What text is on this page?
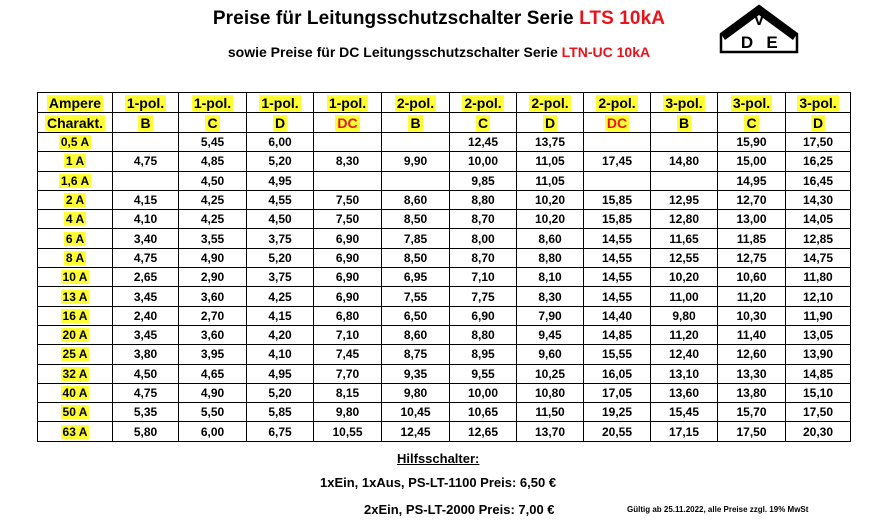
Preise für Leitungsschutzschalter Serie LTS 10kA
sowie Preise für DC Leitungsschutzschalter Serie LTN-UC 10kA
V
D E
Ampere	1-pol.	1-pol.	1-pol.	1-pol.	2-pol.	2-pol.	2-pol.	2-pol.	3-pol.	3-pol.	3-pol.
Charakt.	B	C	D	DC	B	C	D	DC	B	C	D
0,5 A		5,45	6,00			12,45	13,75			15,90	17,50
1 A	4,75	4,85	5,20	8,30	9,90	10,00	11,05	17,45	14,80	15,00	16,25
1,6 A		4,50	4,95			9,85	11,05			14,95	16,45
2 A	4,15	4,25	4,55	7,50	8,60	8,80	10,20	15,85	12,95	12,70	14,30
4 A	4,10	4,25	4,50	7,50	8,50	8,70	10,20	15,85	12,80	13,00	14,05
6 A	3,40	3,55	3,75	6,90	7,85	8,00	8,60	14,55	11,65	11,85	12,85
8 A	4,75	4,90	5,20	6,90	8,50	8,70	8,80	14,55	12,55	12,75	14,75
10 A	2,65	2,90	3,75	6,90	6,95	7,10	8,10	14,55	10,20	10,60	11,80
13 A	3,45	3,60	4,25	6,90	7,55	7,75	8,30	14,55	11,00	11,20	12,10
16 A	2,40	2,70	4,15	6,80	6,50	6,90	7,90	14,40	9,80	10,30	11,90
20 A	3,45	3,60	4,20	7,10	8,60	8,80	9,45	14,85	11,20	11,40	13,05
25 A	3,80	3,95	4,10	7,45	8,75	8,95	9,60	15,55	12,40	12,60	13,90
32 A	4,50	4,65	4,95	7,70	9,35	9,55	10,25	16,05	13,10	13,30	14,85
40 A	4,75	4,90	5,20	8,15	9,80	10,00	10,80	17,05	13,60	13,80	15,10
50 A	5,35	5,50	5,85	9,80	10,45	10,65	11,50	19,25	15,45	15,70	17,50
63 A	5,80	6,00	6,75	10,55	12,45	12,65	13,70	20,55	17,15	17,50	20,30
Hilfsschalter:
1xEin, 1xAus, PS-LT-1100 Preis: 6,50 €
2xEin, PS-LT-2000 Preis: 7,00 €	Gültig ab 25.11.2022, alle Preise zzgl. 19% MwSt
